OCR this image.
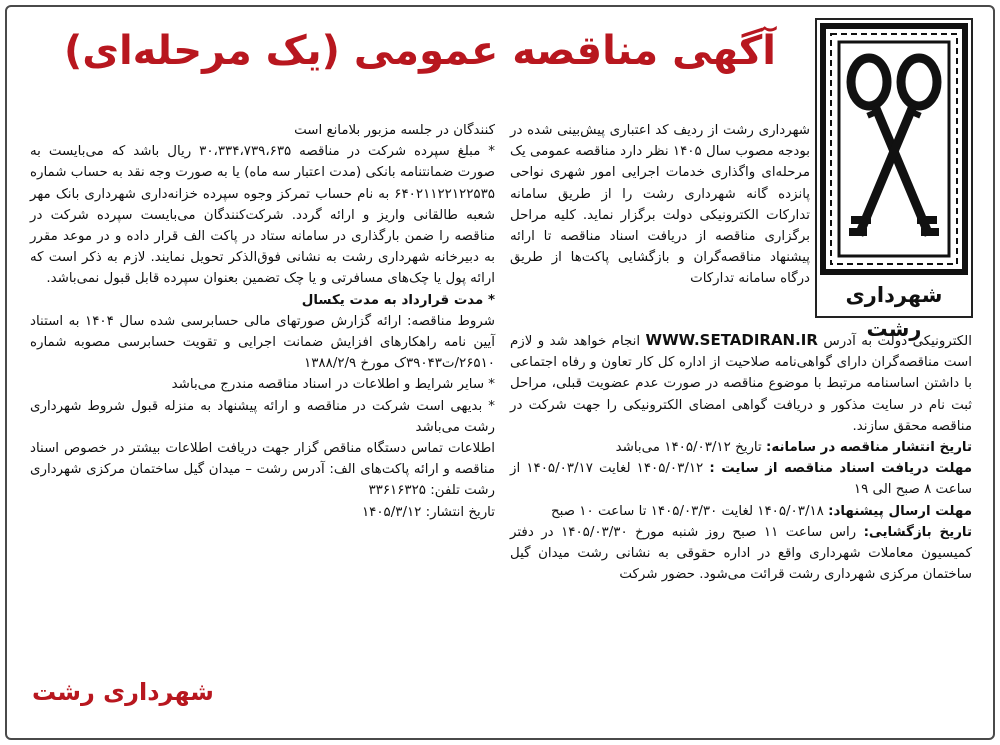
آگهی مناقصه عمومی (یک مرحله‌ای)
شهرداری رشت

شهرداری رشت از ردیف کد اعتباری پیش‌بینی شده در بودجه مصوب سال ۱۴۰۵ نظر دارد مناقصه عمومی یک مرحله‌ای واگذاری خدمات اجرایی امور شهری نواحی پانزده گانه شهرداری رشت را از طریق سامانه تدارکات الکترونیکی دولت برگزار نماید. کلیه مراحل برگزاری مناقصه از دریافت اسناد مناقصه تا ارائه پیشنهاد مناقصه‌گران و بازگشایی پاکت‌ها از طریق درگاه سامانه تدارکات

الکترونیکی دولت به آدرس WWW.SETADIRAN.IR انجام خواهد شد و لازم است مناقصه‌گران دارای گواهی‌نامه صلاحیت از اداره کل کار تعاون و رفاه اجتماعی با داشتن اساسنامه مرتبط با موضوع مناقصه در صورت عدم عضویت قبلی، مراحل ثبت نام در سایت مذکور و دریافت گواهی امضای الکترونیکی را جهت شرکت در مناقصه محقق سازند.

تاریخ انتشار مناقصه در سامانه: تاریخ ۱۴۰۵/۰۳/۱۲ می‌باشد

مهلت دریافت اسناد مناقصه از سایت : ۱۴۰۵/۰۳/۱۲ لغایت ۱۴۰۵/۰۳/۱۷ از ساعت ۸ صبح الی ۱۹

مهلت ارسال پیشنهاد: ۱۴۰۵/۰۳/۱۸ لغایت ۱۴۰۵/۰۳/۳۰ تا ساعت ۱۰ صبح

تاریخ بازگشایی: راس ساعت ۱۱ صبح روز شنبه مورخ ۱۴۰۵/۰۳/۳۰ در دفتر کمیسیون معاملات شهرداری واقع در اداره حقوقی به نشانی رشت میدان گیل ساختمان مرکزی شهرداری رشت قرائت می‌شود. حضور شرکت

کنندگان در جلسه مزبور بلامانع است

* مبلغ سپرده شرکت در مناقصه ۳۰،۳۳۴،۷۳۹،۶۳۵ ریال باشد که می‌بایست به صورت ضمانتنامه بانکی (مدت اعتبار سه ماه) یا به صورت وجه نقد به حساب شماره ۶۴۰۲۱۱۲۲۱۲۲۵۳۵ به نام حساب تمرکز وجوه سپرده خزانه‌داری شهرداری بانک مهر شعبه طالقانی واریز و ارائه گردد. شرکت‌کنندگان می‌بایست سپرده شرکت در مناقصه را ضمن بارگذاری در سامانه ستاد در پاکت الف قرار داده و در موعد مقرر به دبیرخانه شهرداری رشت به نشانی فوق‌الذکر تحویل نمایند. لازم به ذکر است که ارائه پول یا چک‌های مسافرتی و یا چک تضمین بعنوان سپرده قابل قبول نمی‌باشد.

* مدت قرارداد به مدت یکسال

شروط مناقصه: ارائه گزارش صورتهای مالی حسابرسی شده سال ۱۴۰۴ به استناد آیین نامه راهکارهای افزایش ضمانت اجرایی و تقویت حسابرسی مصوبه شماره ۲۶۵۱۰/ت۳۹۰۴۳ک مورخ ۱۳۸۸/۲/۹

* سایر شرایط و اطلاعات در اسناد مناقصه مندرج می‌باشد

* بدیهی است شرکت در مناقصه و ارائه پیشنهاد به منزله قبول شروط شهرداری رشت می‌باشد

اطلاعات تماس دستگاه مناقص گزار جهت دریافت اطلاعات بیشتر در خصوص اسناد مناقصه و ارائه پاکت‌های الف: آدرس رشت – میدان گیل ساختمان مرکزی شهرداری رشت تلفن: ۳۳۶۱۶۳۲۵

تاریخ انتشار: ۱۴۰۵/۳/۱۲

شهرداری رشت
